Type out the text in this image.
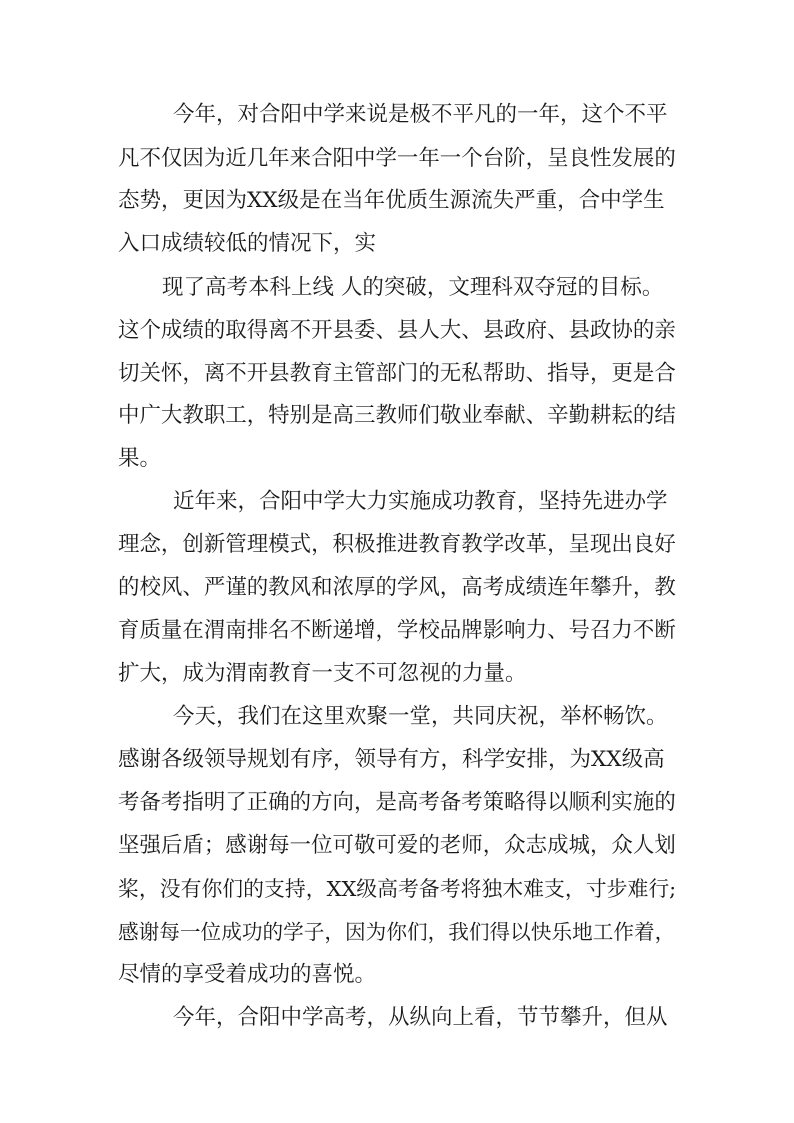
今年，对合阳中学来说是极不平凡的一年，这个不平

凡不仅因为近几年来合阳中学一年一个台阶，呈良性发展的

态势，更因为XX级是在当年优质生源流失严重，合中学生

入口成绩较低的情况下，实

现了高考本科上线 人的突破，文理科双夺冠的目标。

这个成绩的取得离不开县委、县人大、县政府、县政协的亲

切关怀，离不开县教育主管部门的无私帮助、指导，更是合

中广大教职工，特别是高三教师们敬业奉献、辛勤耕耘的结

果。

近年来，合阳中学大力实施成功教育，坚持先进办学

理念，创新管理模式，积极推进教育教学改革，呈现出良好

的校风、严谨的教风和浓厚的学风，高考成绩连年攀升，教

育质量在渭南排名不断递增，学校品牌影响力、号召力不断

扩大，成为渭南教育一支不可忽视的力量。

今天，我们在这里欢聚一堂，共同庆祝，举杯畅饮。

感谢各级领导规划有序，领导有方，科学安排，为XX级高

考备考指明了正确的方向，是高考备考策略得以顺利实施的

坚强后盾；感谢每一位可敬可爱的老师，众志成城，众人划

桨，没有你们的支持，XX级高考备考将独木难支，寸步难行;

感谢每一位成功的学子，因为你们，我们得以快乐地工作着，

尽情的享受着成功的喜悦。

今年，合阳中学高考，从纵向上看，节节攀升，但从
